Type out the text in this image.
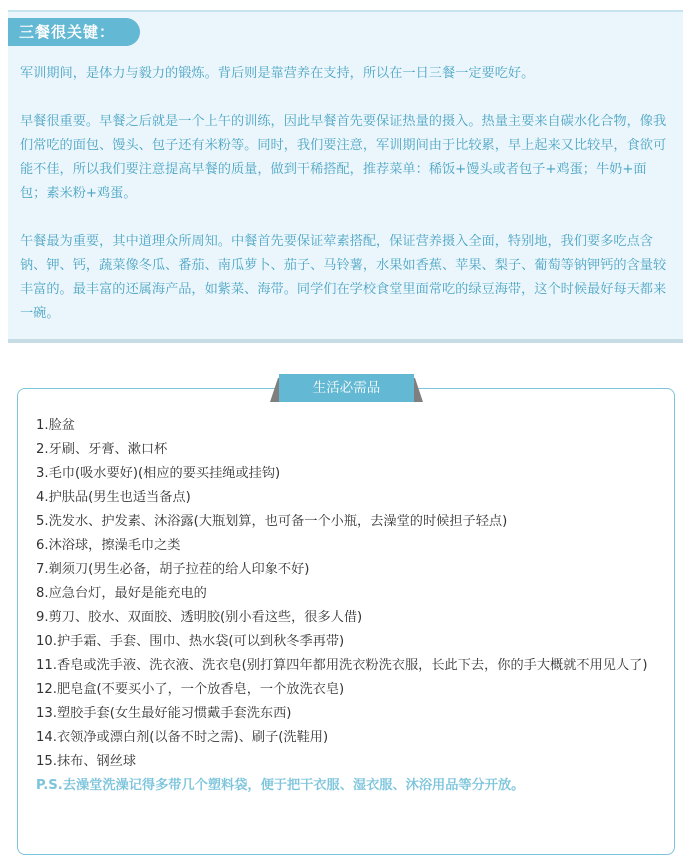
三餐很关键：

军训期间，是体力与毅力的锻炼。背后则是靠营养在支持，所以在一日三餐一定要吃好。

早餐很重要。早餐之后就是一个上午的训练，因此早餐首先要保证热量的摄入。热量主要来自碳水化合物，像我们常吃的面包、馒头、包子还有米粉等。同时，我们要注意，军训期间由于比较累，早上起来又比较早，食欲可能不佳，所以我们要注意提高早餐的质量，做到干稀搭配，推荐菜单：稀饭+馒头或者包子+鸡蛋；牛奶+面包；素米粉+鸡蛋。

午餐最为重要，其中道理众所周知。中餐首先要保证荤素搭配，保证营养摄入全面，特别地，我们要多吃点含钠、钾、钙，蔬菜像冬瓜、番茄、南瓜萝卜、茄子、马铃薯，水果如香蕉、苹果、梨子、葡萄等钠钾钙的含量较丰富的。最丰富的还属海产品，如紫菜、海带。同学们在学校食堂里面常吃的绿豆海带，这个时候最好每天都来一碗。

生活必需品
1.脸盆
2.牙刷、牙膏、漱口杯
3.毛巾(吸水要好)(相应的要买挂绳或挂钩)
4.护肤品(男生也适当备点)
5.洗发水、护发素、沐浴露(大瓶划算，也可备一个小瓶，去澡堂的时候担子轻点)
6.沐浴球，擦澡毛巾之类
7.剃须刀(男生必备，胡子拉茬的给人印象不好)
8.应急台灯，最好是能充电的
9.剪刀、胶水、双面胶、透明胶(别小看这些，很多人借)
10.护手霜、手套、围巾、热水袋(可以到秋冬季再带)
11.香皂或洗手液、洗衣液、洗衣皂(别打算四年都用洗衣粉洗衣服，长此下去，你的手大概就不用见人了)
12.肥皂盒(不要买小了，一个放香皂，一个放洗衣皂)
13.塑胶手套(女生最好能习惯戴手套洗东西)
14.衣领净或漂白剂(以备不时之需)、刷子(洗鞋用)
15.抹布、钢丝球
P.S.去澡堂洗澡记得多带几个塑料袋，便于把干衣服、湿衣服、沐浴用品等分开放。
